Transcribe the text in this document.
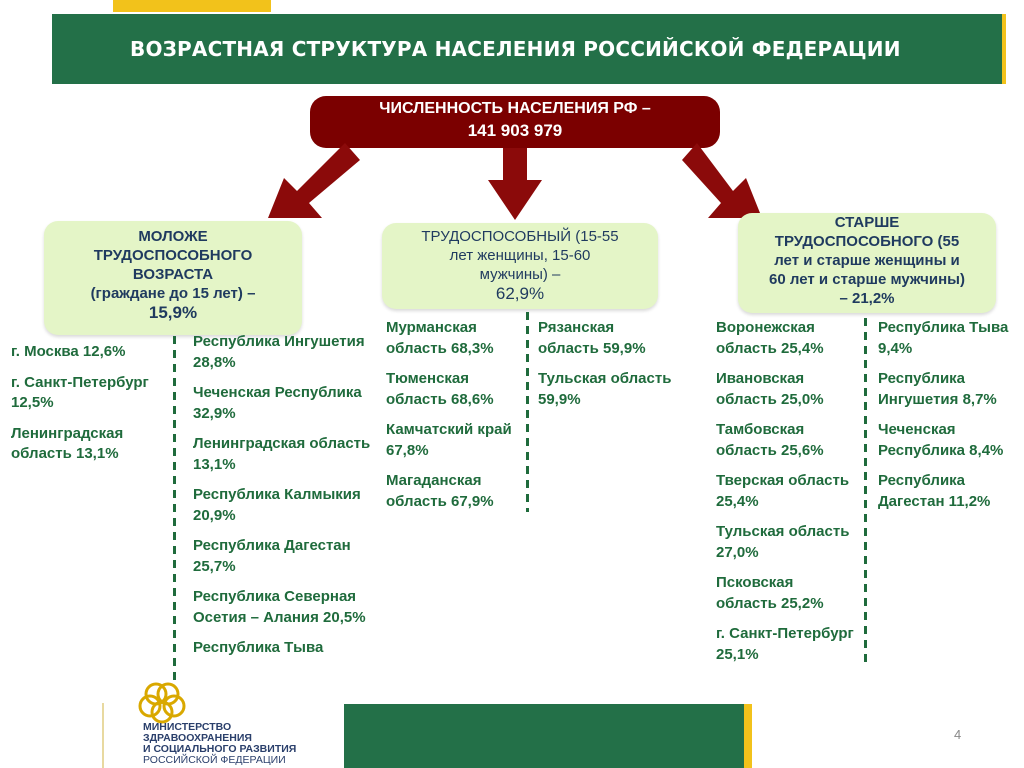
ВОЗРАСТНАЯ СТРУКТУРА НАСЕЛЕНИЯ РОССИЙСКОЙ ФЕДЕРАЦИИ
ЧИСЛЕННОСТЬ НАСЕЛЕНИЯ РФ –
141 903 979
МОЛОЖЕ
ТРУДОСПОСОБНОГО
ВОЗРАСТА
(граждане до 15 лет) –
15,9%
ТРУДОСПОСОБНЫЙ (15-55
лет женщины, 15-60
мужчины) –
62,9%
СТАРШЕ
ТРУДОСПОСОБНОГО (55
лет и старше женщины и
60 лет и старше мужчины)
– 21,2%
г. Москва 12,6%
г. Санкт-Петербург 12,5%
Ленинградская область 13,1%
Республика Ингушетия 28,8%
Чеченская Республика 32,9%
Ленинградская область 13,1%
Республика Калмыкия 20,9%
Республика Дагестан 25,7%
Республика Северная Осетия – Алания 20,5%
Республика Тыва
Мурманская область 68,3%
Тюменская область 68,6%
Камчатский край 67,8%
Магаданская область 67,9%
Рязанская область 59,9%
Тульская область 59,9%
Воронежская область 25,4%
Ивановская область 25,0%
Тамбовская область 25,6%
Тверская область 25,4%
Тульская область 27,0%
Псковская область 25,2%
г. Санкт-Петербург 25,1%
Республика Тыва 9,4%
Республика Ингушетия 8,7%
Чеченская Республика 8,4%
Республика Дагестан 11,2%
МИНИСТЕРСТВО
ЗДРАВООХРАНЕНИЯ
И СОЦИАЛЬНОГО РАЗВИТИЯ
РОССИЙСКОЙ ФЕДЕРАЦИИ
4
